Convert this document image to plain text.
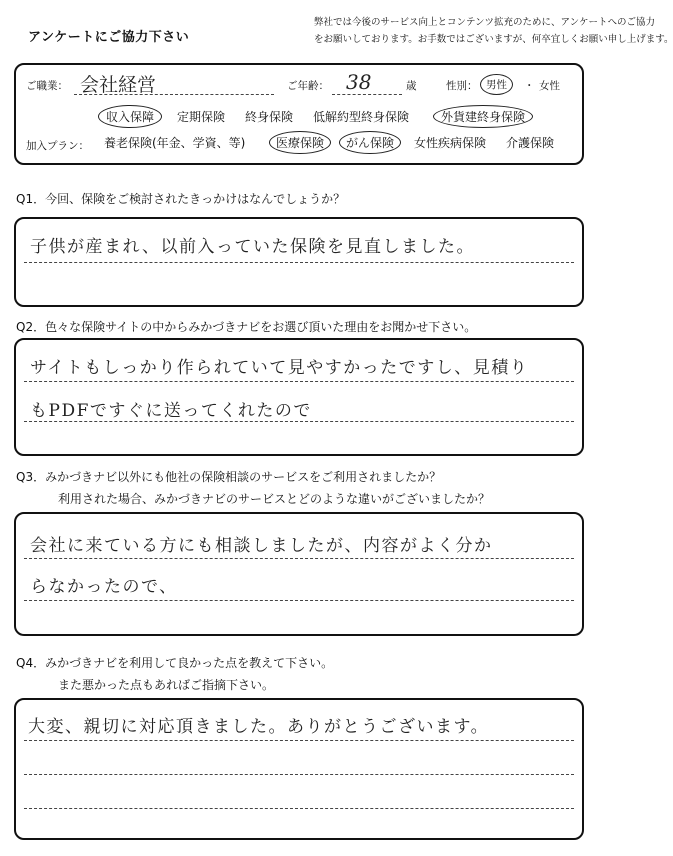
アンケートにご協力下さい
弊社では今後のサービス向上とコンテンツ拡充のために、アンケートへのご協力
をお願いしております。お手数ではございますが、何卒宜しくお願い申し上げます。
ご職業： 会社経営	ご年齢： 38	歳	性別： 男性	・ 女性
収入保障	定期保険 終身保険 低解約型終身保険	外貨建終身保険
加入プラン： 養老保険(年金、学資、等)	医療保険	がん保険	女性疾病保険 介護保険
Q1．今回、保険をご検討されたきっかけはなんでしょうか？
子供が産まれ、以前入っていた保険を見直しました。
Q2．色々な保険サイトの中からみかづきナビをお選び頂いた理由をお聞かせ下さい。
サイトもしっかり作られていて見やすかったですし、見積り
もPDFですぐに送ってくれたので
Q3．みかづきナビ以外にも他社の保険相談のサービスをご利用されましたか？
利用された場合、みかづきナビのサービスとどのような違いがございましたか？
会社に来ている方にも相談しましたが、内容がよく分か
らなかったので、
Q4．みかづきナビを利用して良かった点を教えて下さい。
また悪かった点もあればご指摘下さい。
大変、親切に対応頂きました。ありがとうございます。
